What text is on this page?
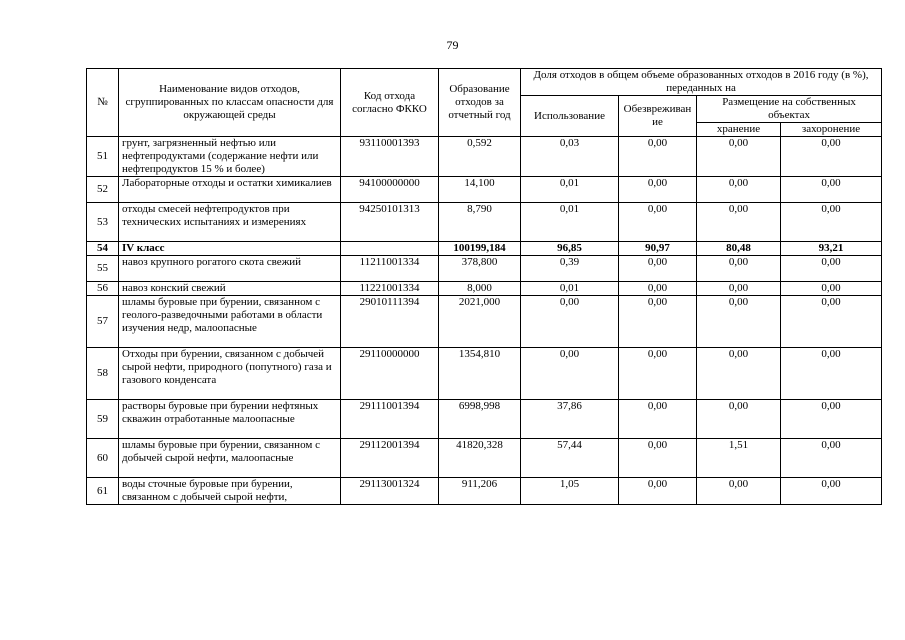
79
№	Наименование видов отходов, сгруппированных по классам опасности для окружающей среды	Код отхода согласно ФККО	Образование отходов за отчетный год	Доля отходов в общем объеме образованных отходов в 2016 году (в %), переданных на			
				Использование	Обезвреживание	Размещение на собственных объектах	
						хранение	захоронение
51	грунт, загрязненный нефтью или нефтепродуктами (содержание нефти или нефтепродуктов 15 % и более)	93110001393	0,592	0,03	0,00	0,00	0,00
52	Лабораторные отходы и остатки химикалиев	94100000000	14,100	0,01	0,00	0,00	0,00
53	отходы смесей нефтепродуктов при технических испытаниях и измерениях	94250101313	8,790	0,01	0,00	0,00	0,00
54	IV класс		100199,184	96,85	90,97	80,48	93,21
55	навоз крупного рогатого скота свежий	11211001334	378,800	0,39	0,00	0,00	0,00
56	навоз конский свежий	11221001334	8,000	0,01	0,00	0,00	0,00
57	шламы буровые при бурении, связанном с геолого-разведочными работами в области изучения недр, малоопасные	29010111394	2021,000	0,00	0,00	0,00	0,00
58	Отходы при бурении, связанном с добычей сырой нефти, природного (попутного) газа и газового конденсата	29110000000	1354,810	0,00	0,00	0,00	0,00
59	растворы буровые при бурении нефтяных скважин отработанные малоопасные	29111001394	6998,998	37,86	0,00	0,00	0,00
60	шламы буровые при бурении, связанном с добычей сырой нефти, малоопасные	29112001394	41820,328	57,44	0,00	1,51	0,00
61	воды сточные буровые при бурении, связанном с добычей сырой нефти,	29113001324	911,206	1,05	0,00	0,00	0,00
